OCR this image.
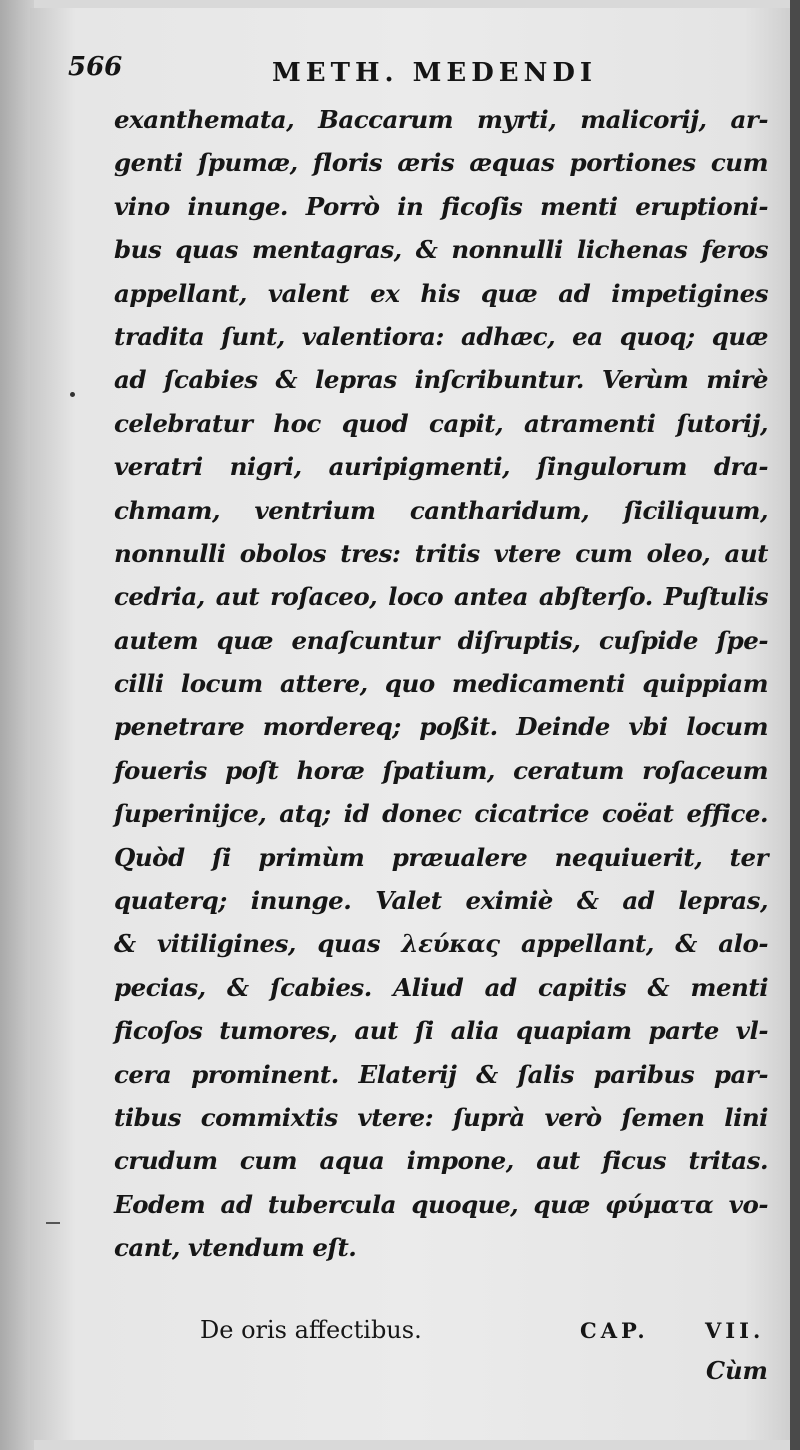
566	METH. MEDENDI
exanthemata, Baccarum myrti, malicorij, ar-
genti ſpumæ, floris æris æquas portiones cum
vino inunge. Porrò in ficoſis menti eruptioni-
bus quas mentagras, & nonnulli lichenas feros
appellant, valent ex his quæ ad impetigines
tradita ſunt, valentiora: adhæc, ea quoq; quæ
ad ſcabies & lepras inſcribuntur. Verùm mirè
celebratur hoc quod capit, atramenti ſutorij,
veratri nigri, auripigmenti, ſingulorum dra-
chmam, ventrium cantharidum, ſiciliquum,
nonnulli obolos tres: tritis vtere cum oleo, aut
cedria, aut roſaceo, loco antea abſterſo. Puſtulis
autem quæ enaſcuntur diſruptis, cuſpide ſpe-
cilli locum attere, quo medicamenti quippiam
penetrare mordereq; poßit. Deinde vbi locum
foueris poſt horæ ſpatium, ceratum roſaceum
ſuperinijce, atq; id donec cicatrice coëat effice.
Quòd ſi primùm præualere nequiuerit, ter
quaterq; inunge. Valet eximiè & ad lepras,
& vitiligines, quas λεύκας appellant, & alo-
pecias, & ſcabies. Aliud ad capitis & menti
ficoſos tumores, aut ſi alia quapiam parte vl-
cera prominent. Elaterij & ſalis paribus par-
tibus commixtis vtere: ſuprà verò ſemen lini
crudum cum aqua impone, aut ficus tritas.
Eodem ad tubercula quoque, quæ φύματα vo-
cant, vtendum eſt.
De oris affectibus.	CAP.	VII.
Cùm
